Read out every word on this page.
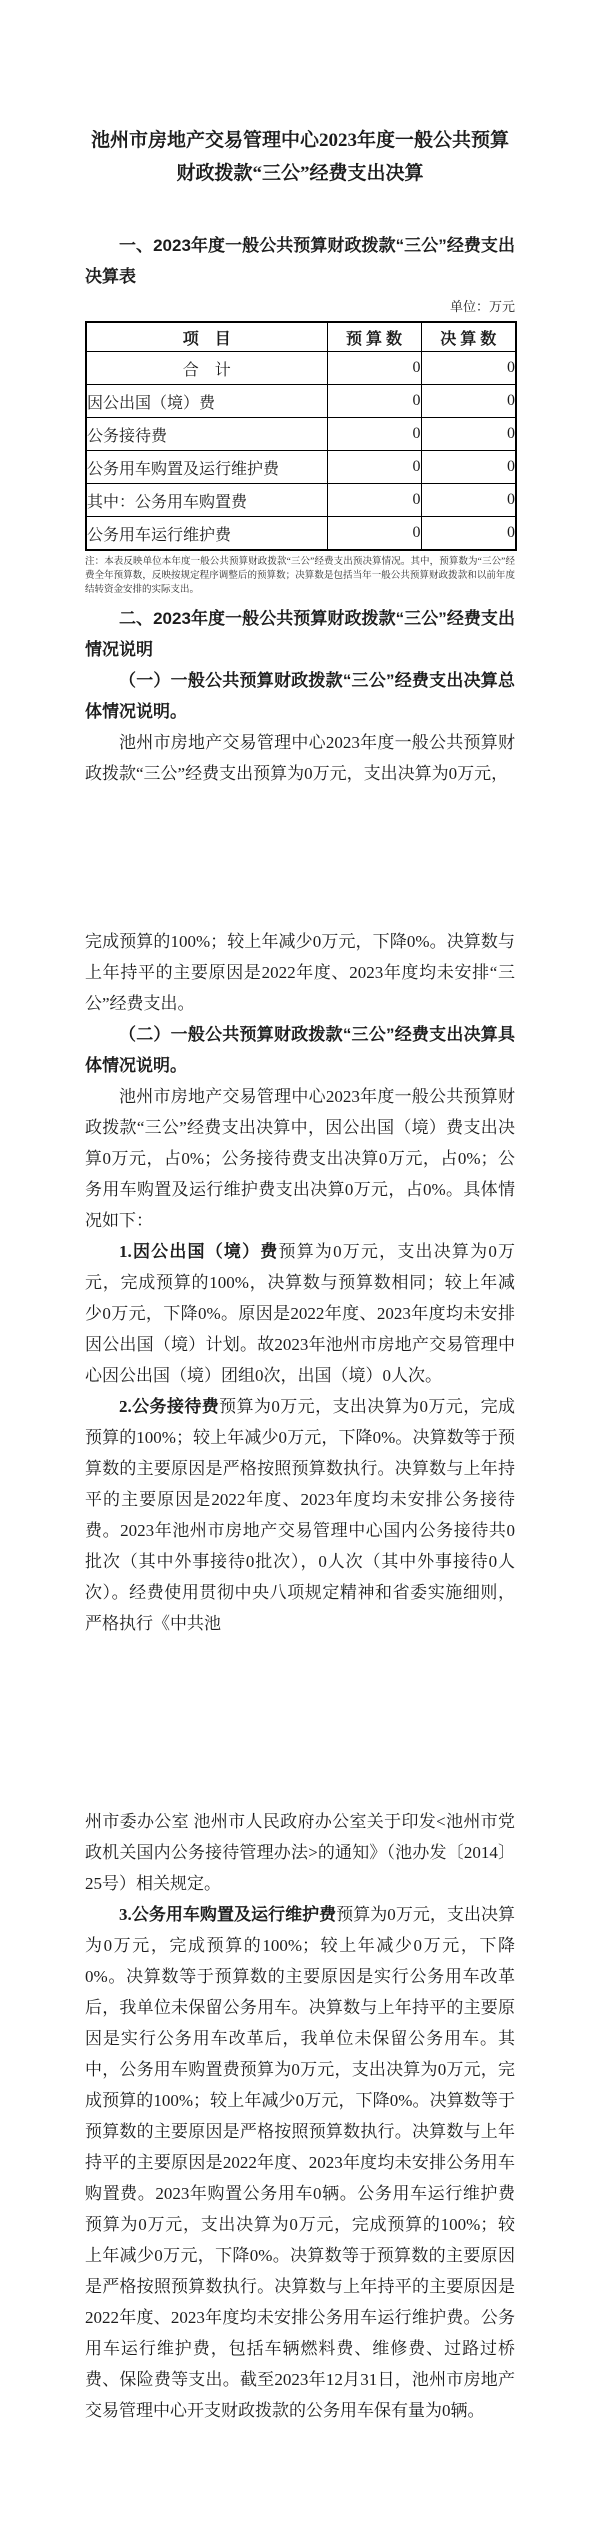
池州市房地产交易管理中心2023年度一般公共预算
财政拨款“三公”经费支出决算

一、2023年度一般公共预算财政拨款“三公”经费支出决算表

单位：万元
项　目	预 算 数	决 算 数
合　计	0	0
因公出国（境）费	0	0
公务接待费	0	0
公务用车购置及运行维护费	0	0
其中：公务用车购置费	0	0
公务用车运行维护费	0	0

注：本表反映单位本年度一般公共预算财政拨款“三公”经费支出预决算情况。其中，预算数为“三公”经费全年预算数，反映按规定程序调整后的预算数；决算数是包括当年一般公共预算财政拨款和以前年度结转资金安排的实际支出。

二、2023年度一般公共预算财政拨款“三公”经费支出情况说明

（一）一般公共预算财政拨款“三公”经费支出决算总体情况说明。

池州市房地产交易管理中心2023年度一般公共预算财政拨款“三公”经费支出预算为0万元，支出决算为0万元，

完成预算的100%；较上年减少0万元，下降0%。决算数与上年持平的主要原因是2022年度、2023年度均未安排“三公”经费支出。

（二）一般公共预算财政拨款“三公”经费支出决算具体情况说明。

池州市房地产交易管理中心2023年度一般公共预算财政拨款“三公”经费支出决算中，因公出国（境）费支出决算0万元，占0%；公务接待费支出决算0万元，占0%；公务用车购置及运行维护费支出决算0万元，占0%。具体情况如下：

1.因公出国（境）费预算为0万元，支出决算为0万元，完成预算的100%，决算数与预算数相同；较上年减少0万元，下降0%。原因是2022年度、2023年度均未安排因公出国（境）计划。故2023年池州市房地产交易管理中心因公出国（境）团组0次，出国（境）0人次。

2.公务接待费预算为0万元，支出决算为0万元，完成预算的100%；较上年减少0万元，下降0%。决算数等于预算数的主要原因是严格按照预算数执行。决算数与上年持平的主要原因是2022年度、2023年度均未安排公务接待费。2023年池州市房地产交易管理中心国内公务接待共0批次（其中外事接待0批次），0人次（其中外事接待0人次）。经费使用贯彻中央八项规定精神和省委实施细则，严格执行《中共池

州市委办公室 池州市人民政府办公室关于印发<池州市党政机关国内公务接待管理办法>的通知》（池办发〔2014〕25号）相关规定。

3.公务用车购置及运行维护费预算为0万元，支出决算为0万元，完成预算的100%；较上年减少0万元，下降0%。决算数等于预算数的主要原因是实行公务用车改革后，我单位未保留公务用车。决算数与上年持平的主要原因是实行公务用车改革后，我单位未保留公务用车。其中，公务用车购置费预算为0万元，支出决算为0万元，完成预算的100%；较上年减少0万元，下降0%。决算数等于预算数的主要原因是严格按照预算数执行。决算数与上年持平的主要原因是2022年度、2023年度均未安排公务用车购置费。2023年购置公务用车0辆。公务用车运行维护费预算为0万元，支出决算为0万元，完成预算的100%；较上年减少0万元，下降0%。决算数等于预算数的主要原因是严格按照预算数执行。决算数与上年持平的主要原因是2022年度、2023年度均未安排公务用车运行维护费。公务用车运行维护费，包括车辆燃料费、维修费、过路过桥费、保险费等支出。截至2023年12月31日，池州市房地产交易管理中心开支财政拨款的公务用车保有量为0辆。
